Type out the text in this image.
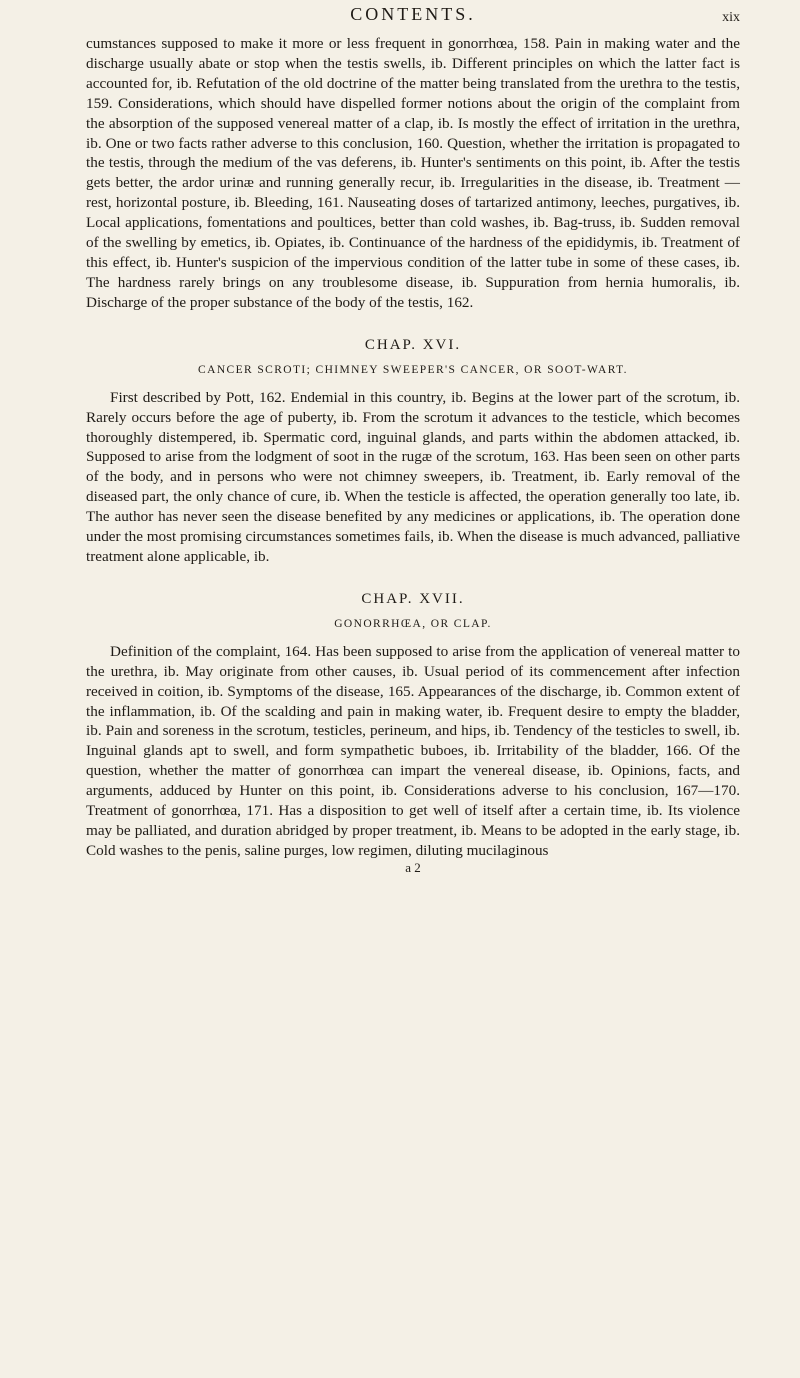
CONTENTS.	xix

cumstances supposed to make it more or less frequent in gonorrhœa, 158. Pain in making water and the discharge usually abate or stop when the testis swells, ib. Different principles on which the latter fact is accounted for, ib. Refutation of the old doctrine of the matter being translated from the urethra to the testis, 159. Considerations, which should have dispelled former notions about the origin of the complaint from the absorption of the supposed venereal matter of a clap, ib. Is mostly the effect of irritation in the urethra, ib. One or two facts rather adverse to this conclusion, 160. Question, whether the irritation is propagated to the testis, through the medium of the vas deferens, ib. Hunter's sentiments on this point, ib. After the testis gets better, the ardor urinæ and running generally recur, ib. Irregularities in the disease, ib. Treatment — rest, horizontal posture, ib. Bleeding, 161. Nauseating doses of tartarized antimony, leeches, purgatives, ib. Local applications, fomentations and poultices, better than cold washes, ib. Bag-truss, ib. Sudden removal of the swelling by emetics, ib. Opiates, ib. Continuance of the hardness of the epididymis, ib. Treatment of this effect, ib. Hunter's suspicion of the impervious condition of the latter tube in some of these cases, ib. The hardness rarely brings on any troublesome disease, ib. Suppuration from hernia humoralis, ib. Discharge of the proper substance of the body of the testis, 162.

CHAP. XVI.
CANCER SCROTI; CHIMNEY SWEEPER'S CANCER, OR SOOT-WART.

First described by Pott, 162. Endemial in this country, ib. Begins at the lower part of the scrotum, ib. Rarely occurs before the age of puberty, ib. From the scrotum it advances to the testicle, which becomes thoroughly distempered, ib. Spermatic cord, inguinal glands, and parts within the abdomen attacked, ib. Supposed to arise from the lodgment of soot in the rugæ of the scrotum, 163. Has been seen on other parts of the body, and in persons who were not chimney sweepers, ib. Treatment, ib. Early removal of the diseased part, the only chance of cure, ib. When the testicle is affected, the operation generally too late, ib. The author has never seen the disease benefited by any medicines or applications, ib. The operation done under the most promising circumstances sometimes fails, ib. When the disease is much advanced, palliative treatment alone applicable, ib.

CHAP. XVII.
GONORRHŒA, OR CLAP.

Definition of the complaint, 164. Has been supposed to arise from the application of venereal matter to the urethra, ib. May originate from other causes, ib. Usual period of its commencement after infection received in coition, ib. Symptoms of the disease, 165. Appearances of the discharge, ib. Common extent of the inflammation, ib. Of the scalding and pain in making water, ib. Frequent desire to empty the bladder, ib. Pain and soreness in the scrotum, testicles, perineum, and hips, ib. Tendency of the testicles to swell, ib. Inguinal glands apt to swell, and form sympathetic buboes, ib. Irritability of the bladder, 166. Of the question, whether the matter of gonorrhœa can impart the venereal disease, ib. Opinions, facts, and arguments, adduced by Hunter on this point, ib. Considerations adverse to his conclusion, 167—170. Treatment of gonorrhœa, 171. Has a disposition to get well of itself after a certain time, ib. Its violence may be palliated, and duration abridged by proper treatment, ib. Means to be adopted in the early stage, ib. Cold washes to the penis, saline purges, low regimen, diluting mucilaginous

a 2
